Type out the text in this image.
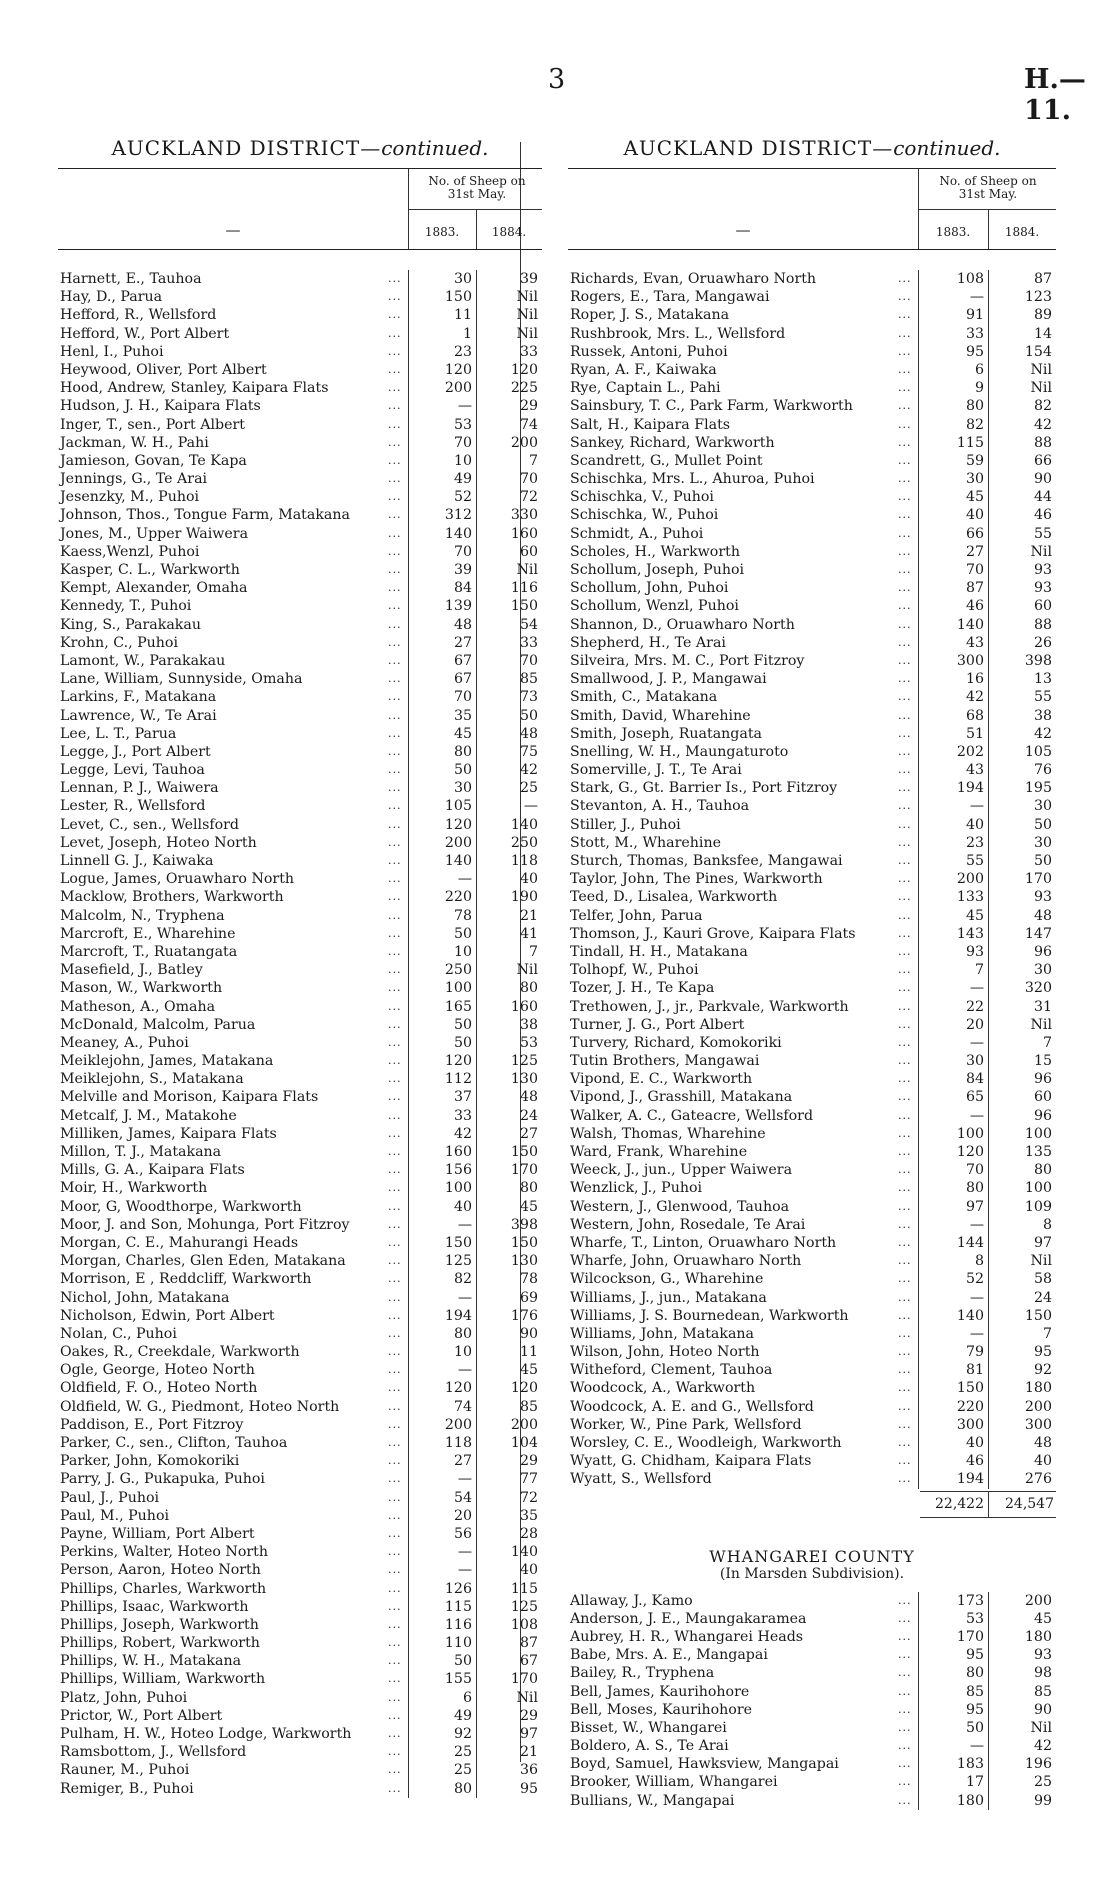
3	H.—11.
AUCKLAND DISTRICT—continued.
—
No. of Sheep on 31st May.
1883.	1884.
Harnett, E., Tauhoa	...	30	39
Hay, D., Parua	...	150	Nil
Hefford, R., Wellsford	...	11	Nil
Hefford, W., Port Albert	...	1	Nil
Henl, I., Puhoi	...	23	33
Heywood, Oliver, Port Albert	...	120	120
Hood, Andrew, Stanley, Kaipara Flats	...	200	225
Hudson, J. H., Kaipara Flats	...	—	29
Inger, T., sen., Port Albert	...	53	74
Jackman, W. H., Pahi	...	70	200
Jamieson, Govan, Te Kapa	...	10	7
Jennings, G., Te Arai	...	49	70
Jesenzky, M., Puhoi	...	52	72
Johnson, Thos., Tongue Farm, Matakana	...	312	330
Jones, M., Upper Waiwera	...	140	160
Kaess,Wenzl, Puhoi	...	70	60
Kasper, C. L., Warkworth	...	39	Nil
Kempt, Alexander, Omaha	...	84	116
Kennedy, T., Puhoi	...	139	150
King, S., Parakakau	...	48	54
Krohn, C., Puhoi	...	27	33
Lamont, W., Parakakau	...	67	70
Lane, William, Sunnyside, Omaha	...	67	85
Larkins, F., Matakana	...	70	73
Lawrence, W., Te Arai	...	35	50
Lee, L. T., Parua	...	45	48
Legge, J., Port Albert	...	80	75
Legge, Levi, Tauhoa	...	50	42
Lennan, P. J., Waiwera	...	30	25
Lester, R., Wellsford	...	105	—
Levet, C., sen., Wellsford	...	120	140
Levet, Joseph, Hoteo North	...	200	250
Linnell G. J., Kaiwaka	...	140	118
Logue, James, Oruawharo North	...	—	40
Macklow, Brothers, Warkworth	...	220	190
Malcolm, N., Tryphena	...	78	21
Marcroft, E., Wharehine	...	50	41
Marcroft, T., Ruatangata	...	10	7
Masefield, J., Batley	...	250	Nil
Mason, W., Warkworth	...	100	80
Matheson, A., Omaha	...	165	160
McDonald, Malcolm, Parua	...	50	38
Meaney, A., Puhoi	...	50	53
Meiklejohn, James, Matakana	...	120	125
Meiklejohn, S., Matakana	...	112	130
Melville and Morison, Kaipara Flats	...	37	48
Metcalf, J. M., Matakohe	...	33	24
Milliken, James, Kaipara Flats	...	42	27
Millon, T. J., Matakana	...	160	150
Mills, G. A., Kaipara Flats	...	156	170
Moir, H., Warkworth	...	100	80
Moor, G, Woodthorpe, Warkworth	...	40	45
Moor, J. and Son, Mohunga, Port Fitzroy	...	—	398
Morgan, C. E., Mahurangi Heads	...	150	150
Morgan, Charles, Glen Eden, Matakana	...	125	130
Morrison, E , Reddcliff, Warkworth	...	82	78
Nichol, John, Matakana	...	—	69
Nicholson, Edwin, Port Albert	...	194	176
Nolan, C., Puhoi	...	80	90
Oakes, R., Creekdale, Warkworth	...	10	11
Ogle, George, Hoteo North	...	—	45
Oldfield, F. O., Hoteo North	...	120	120
Oldfield, W. G., Piedmont, Hoteo North	...	74	85
Paddison, E., Port Fitzroy	...	200	200
Parker, C., sen., Clifton, Tauhoa	...	118	104
Parker, John, Komokoriki	...	27	29
Parry, J. G., Pukapuka, Puhoi	...	—	77
Paul, J., Puhoi	...	54	72
Paul, M., Puhoi	...	20	35
Payne, William, Port Albert	...	56	28
Perkins, Walter, Hoteo North	...	—	140
Person, Aaron, Hoteo North	...	—	40
Phillips, Charles, Warkworth	...	126	115
Phillips, Isaac, Warkworth	...	115	125
Phillips, Joseph, Warkworth	...	116	108
Phillips, Robert, Warkworth	...	110	87
Phillips, W. H., Matakana	...	50	67
Phillips, William, Warkworth	...	155	170
Platz, John, Puhoi	...	6	Nil
Prictor, W., Port Albert	...	49	29
Pulham, H. W., Hoteo Lodge, Warkworth	...	92	97
Ramsbottom, J., Wellsford	...	25	21
Rauner, M., Puhoi	...	25	36
Remiger, B., Puhoi	...	80	95
AUCKLAND DISTRICT—continued.
—
No. of Sheep on 31st May.
1883.	1884.
Richards, Evan, Oruawharo North	...	108	87
Rogers, E., Tara, Mangawai	...	—	123
Roper, J. S., Matakana	...	91	89
Rushbrook, Mrs. L., Wellsford	...	33	14
Russek, Antoni, Puhoi	...	95	154
Ryan, A. F., Kaiwaka	...	6	Nil
Rye, Captain L., Pahi	...	9	Nil
Sainsbury, T. C., Park Farm, Warkworth	...	80	82
Salt, H., Kaipara Flats	...	82	42
Sankey, Richard, Warkworth	...	115	88
Scandrett, G., Mullet Point	...	59	66
Schischka, Mrs. L., Ahuroa, Puhoi	...	30	90
Schischka, V., Puhoi	...	45	44
Schischka, W., Puhoi	...	40	46
Schmidt, A., Puhoi	...	66	55
Scholes, H., Warkworth	...	27	Nil
Schollum, Joseph, Puhoi	...	70	93
Schollum, John, Puhoi	...	87	93
Schollum, Wenzl, Puhoi	...	46	60
Shannon, D., Oruawharo North	...	140	88
Shepherd, H., Te Arai	...	43	26
Silveira, Mrs. M. C., Port Fitzroy	...	300	398
Smallwood, J. P., Mangawai	...	16	13
Smith, C., Matakana	...	42	55
Smith, David, Wharehine	...	68	38
Smith, Joseph, Ruatangata	...	51	42
Snelling, W. H., Maungaturoto	...	202	105
Somerville, J. T., Te Arai	...	43	76
Stark, G., Gt. Barrier Is., Port Fitzroy	...	194	195
Stevanton, A. H., Tauhoa	...	—	30
Stiller, J., Puhoi	...	40	50
Stott, M., Wharehine	...	23	30
Sturch, Thomas, Banksfee, Mangawai	...	55	50
Taylor, John, The Pines, Warkworth	...	200	170
Teed, D., Lisalea, Warkworth	...	133	93
Telfer, John, Parua	...	45	48
Thomson, J., Kauri Grove, Kaipara Flats	...	143	147
Tindall, H. H., Matakana	...	93	96
Tolhopf, W., Puhoi	...	7	30
Tozer, J. H., Te Kapa	...	—	320
Trethowen, J., jr., Parkvale, Warkworth	...	22	31
Turner, J. G., Port Albert	...	20	Nil
Turvery, Richard, Komokoriki	...	—	7
Tutin Brothers, Mangawai	...	30	15
Vipond, E. C., Warkworth	...	84	96
Vipond, J., Grasshill, Matakana	...	65	60
Walker, A. C., Gateacre, Wellsford	...	—	96
Walsh, Thomas, Wharehine	...	100	100
Ward, Frank, Wharehine	...	120	135
Weeck, J., jun., Upper Waiwera	...	70	80
Wenzlick, J., Puhoi	...	80	100
Western, J., Glenwood, Tauhoa	...	97	109
Western, John, Rosedale, Te Arai	...	—	8
Wharfe, T., Linton, Oruawharo North	...	144	97
Wharfe, John, Oruawharo North	...	8	Nil
Wilcockson, G., Wharehine	...	52	58
Williams, J., jun., Matakana	...	—	24
Williams, J. S. Bournedean, Warkworth	...	140	150
Williams, John, Matakana	...	—	7
Wilson, John, Hoteo North	...	79	95
Witheford, Clement, Tauhoa	...	81	92
Woodcock, A., Warkworth	...	150	180
Woodcock, A. E. and G., Wellsford	...	220	200
Worker, W., Pine Park, Wellsford	...	300	300
Worsley, C. E., Woodleigh, Warkworth	...	40	48
Wyatt, G. Chidham, Kaipara Flats	...	46	40
Wyatt, S., Wellsford	...	194	276
22,422	24,547
WHANGAREI COUNTY
(In Marsden Subdivision).
Allaway, J., Kamo	...	173	200
Anderson, J. E., Maungakaramea	...	53	45
Aubrey, H. R., Whangarei Heads	...	170	180
Babe, Mrs. A. E., Mangapai	...	95	93
Bailey, R., Tryphena	...	80	98
Bell, James, Kaurihohore	...	85	85
Bell, Moses, Kaurihohore	...	95	90
Bisset, W., Whangarei	...	50	Nil
Boldero, A. S., Te Arai	...	—	42
Boyd, Samuel, Hawksview, Mangapai	...	183	196
Brooker, William, Whangarei	...	17	25
Bullians, W., Mangapai	...	180	99
